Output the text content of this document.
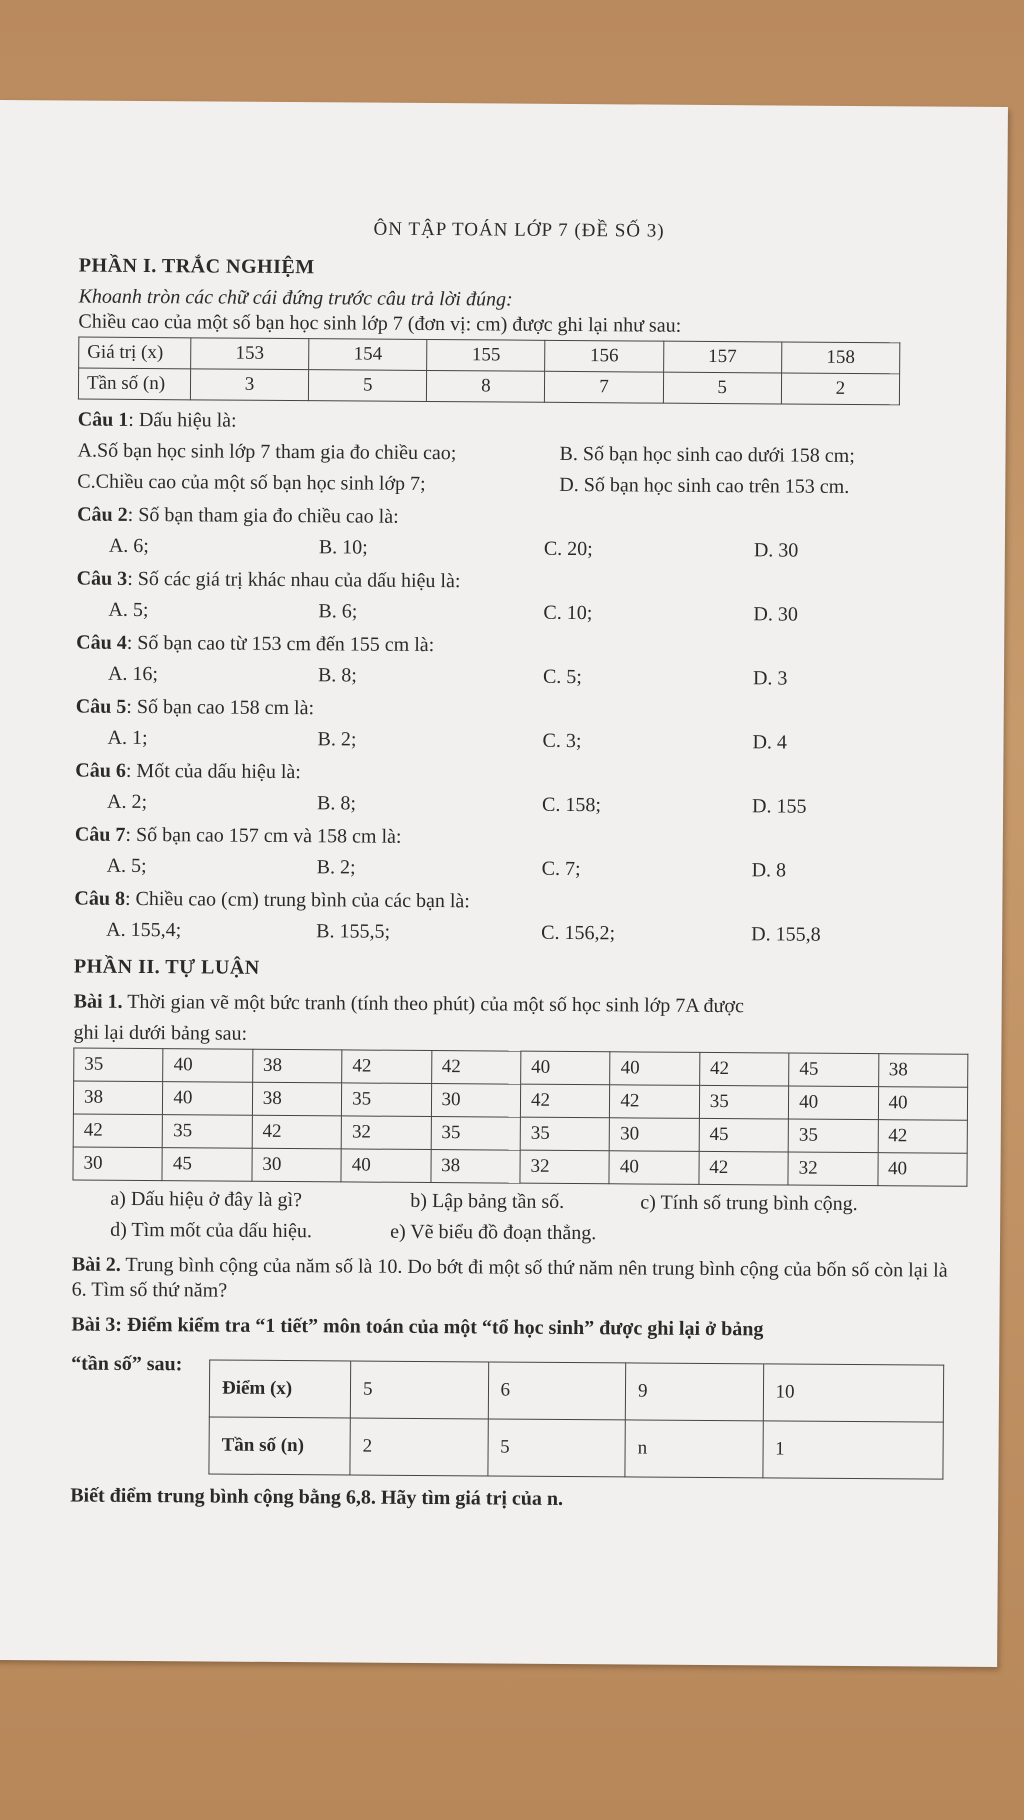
ÔN TẬP TOÁN LỚP 7 (ĐỀ SỐ 3)
PHẦN I. TRẮC NGHIỆM
Khoanh tròn các chữ cái đứng trước câu trả lời đúng:
Chiều cao của một số bạn học sinh lớp 7 (đơn vị: cm) được ghi lại như sau:
Giá trị (x)	153	154	155	156	157	158
Tần số (n)	3	5	8	7	5	2
Câu 1: Dấu hiệu là:
A.Số bạn học sinh lớp 7 tham gia đo chiều cao;	B. Số bạn học sinh cao dưới 158 cm;
C.Chiều cao của một số bạn học sinh lớp 7;	D. Số bạn học sinh cao trên 153 cm.
Câu 2: Số bạn tham gia đo chiều cao là:
A. 6;	B. 10;	C. 20;	D. 30
Câu 3: Số các giá trị khác nhau của dấu hiệu là:
A. 5;	B. 6;	C. 10;	D. 30
Câu 4: Số bạn cao từ 153 cm đến 155 cm là:
A. 16;	B. 8;	C. 5;	D. 3
Câu 5: Số bạn cao 158 cm là:
A. 1;	B. 2;	C. 3;	D. 4
Câu 6: Mốt của dấu hiệu là:
A. 2;	B. 8;	C. 158;	D. 155
Câu 7: Số bạn cao 157 cm và 158 cm là:
A. 5;	B. 2;	C. 7;	D. 8
Câu 8: Chiều cao (cm) trung bình của các bạn là:
A. 155,4;	B. 155,5;	C. 156,2;	D. 155,8
PHẦN II. TỰ LUẬN
Bài 1. Thời gian vẽ một bức tranh (tính theo phút) của một số học sinh lớp 7A được
ghi lại dưới bảng sau:
35	40	38	42	42	40	40	42	45	38
38	40	38	35	30	42	42	35	40	40
42	35	42	32	35	35	30	45	35	42
30	45	30	40	38	32	40	42	32	40
a) Dấu hiệu ở đây là gì?	b) Lập bảng tần số.	c) Tính số trung bình cộng.
d) Tìm mốt của dấu hiệu.	e) Vẽ biểu đồ đoạn thẳng.
Bài 2. Trung bình cộng của năm số là 10. Do bớt đi một số thứ năm nên trung bình cộng của bốn số còn lại là 6. Tìm số thứ năm?
Bài 3: Điểm kiểm tra “1 tiết” môn toán của một “tổ học sinh” được ghi lại ở bảng
“tần số” sau:
Điểm (x)	5	6	9	10
Tần số (n)	2	5	n	1
Biết điểm trung bình cộng bằng 6,8. Hãy tìm giá trị của n.
